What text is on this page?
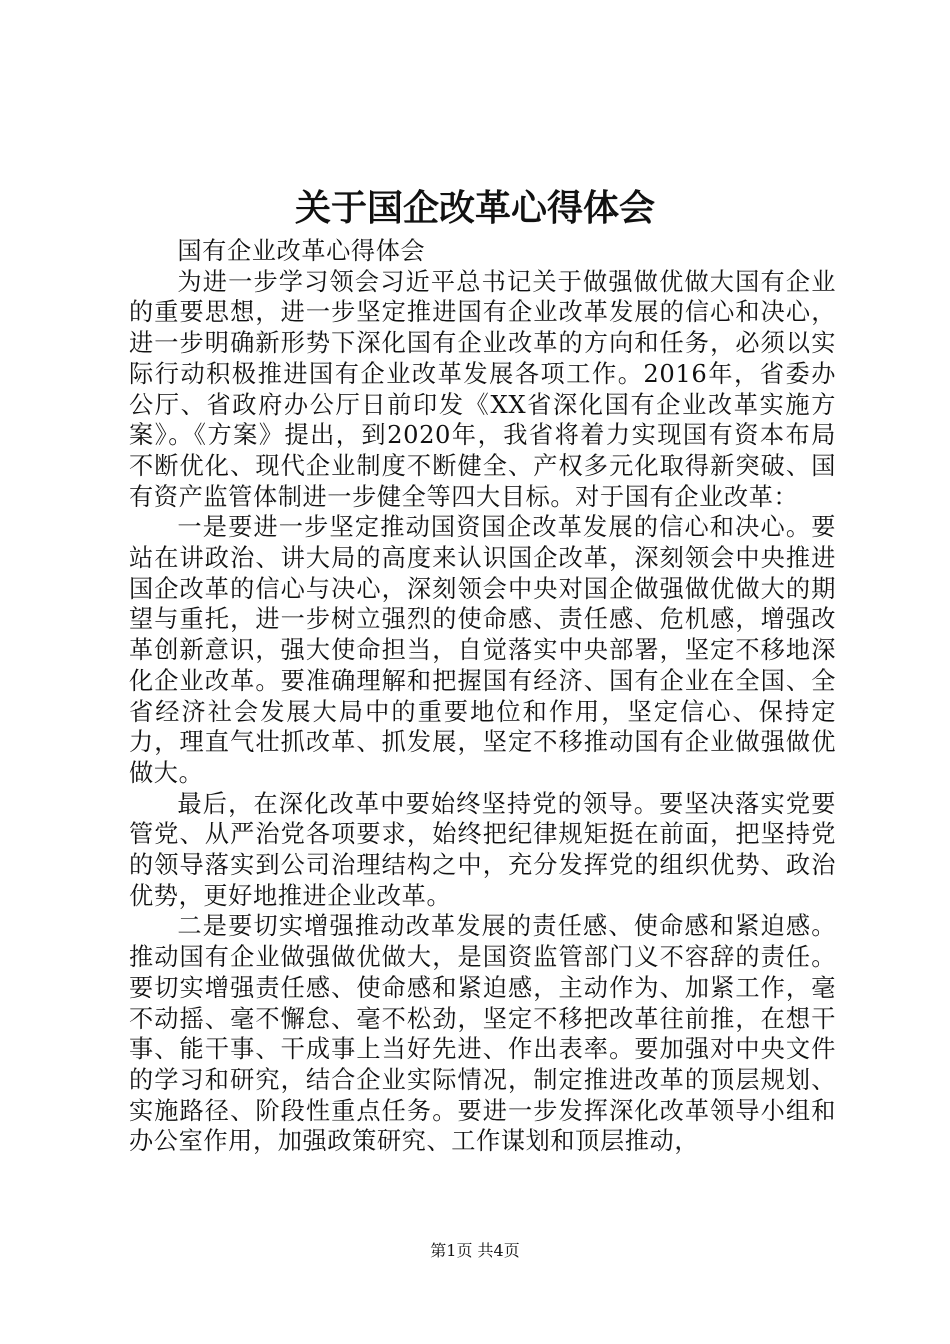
关于国企改革心得体会

国有企业改革心得体会

为进一步学习领会习近平总书记关于做强做优做大国有企业的重要思想，进一步坚定推进国有企业改革发展的信心和决心，进一步明确新形势下深化国有企业改革的方向和任务，必须以实际行动积极推进国有企业改革发展各项工作。2016年，省委办公厅、省政府办公厅日前印发《XX省深化国有企业改革实施方案》。《方案》提出，到2020年，我省将着力实现国有资本布局不断优化、现代企业制度不断健全、产权多元化取得新突破、国有资产监管体制进一步健全等四大目标。对于国有企业改革：

一是要进一步坚定推动国资国企改革发展的信心和决心。要站在讲政治、讲大局的高度来认识国企改革，深刻领会中央推进国企改革的信心与决心，深刻领会中央对国企做强做优做大的期望与重托，进一步树立强烈的使命感、责任感、危机感，增强改革创新意识，强大使命担当，自觉落实中央部署，坚定不移地深化企业改革。要准确理解和把握国有经济、国有企业在全国、全省经济社会发展大局中的重要地位和作用，坚定信心、保持定力，理直气壮抓改革、抓发展，坚定不移推动国有企业做强做优做大。

最后，在深化改革中要始终坚持党的领导。要坚决落实党要管党、从严治党各项要求，始终把纪律规矩挺在前面，把坚持党的领导落实到公司治理结构之中，充分发挥党的组织优势、政治优势，更好地推进企业改革。

二是要切实增强推动改革发展的责任感、使命感和紧迫感。推动国有企业做强做优做大，是国资监管部门义不容辞的责任。要切实增强责任感、使命感和紧迫感，主动作为、加紧工作，毫不动摇、毫不懈怠、毫不松劲，坚定不移把改革往前推，在想干事、能干事、干成事上当好先进、作出表率。要加强对中央文件的学习和研究，结合企业实际情况，制定推进改革的顶层规划、实施路径、阶段性重点任务。要进一步发挥深化改革领导小组和办公室作用，加强政策研究、工作谋划和顶层推动，

第1页 共4页
